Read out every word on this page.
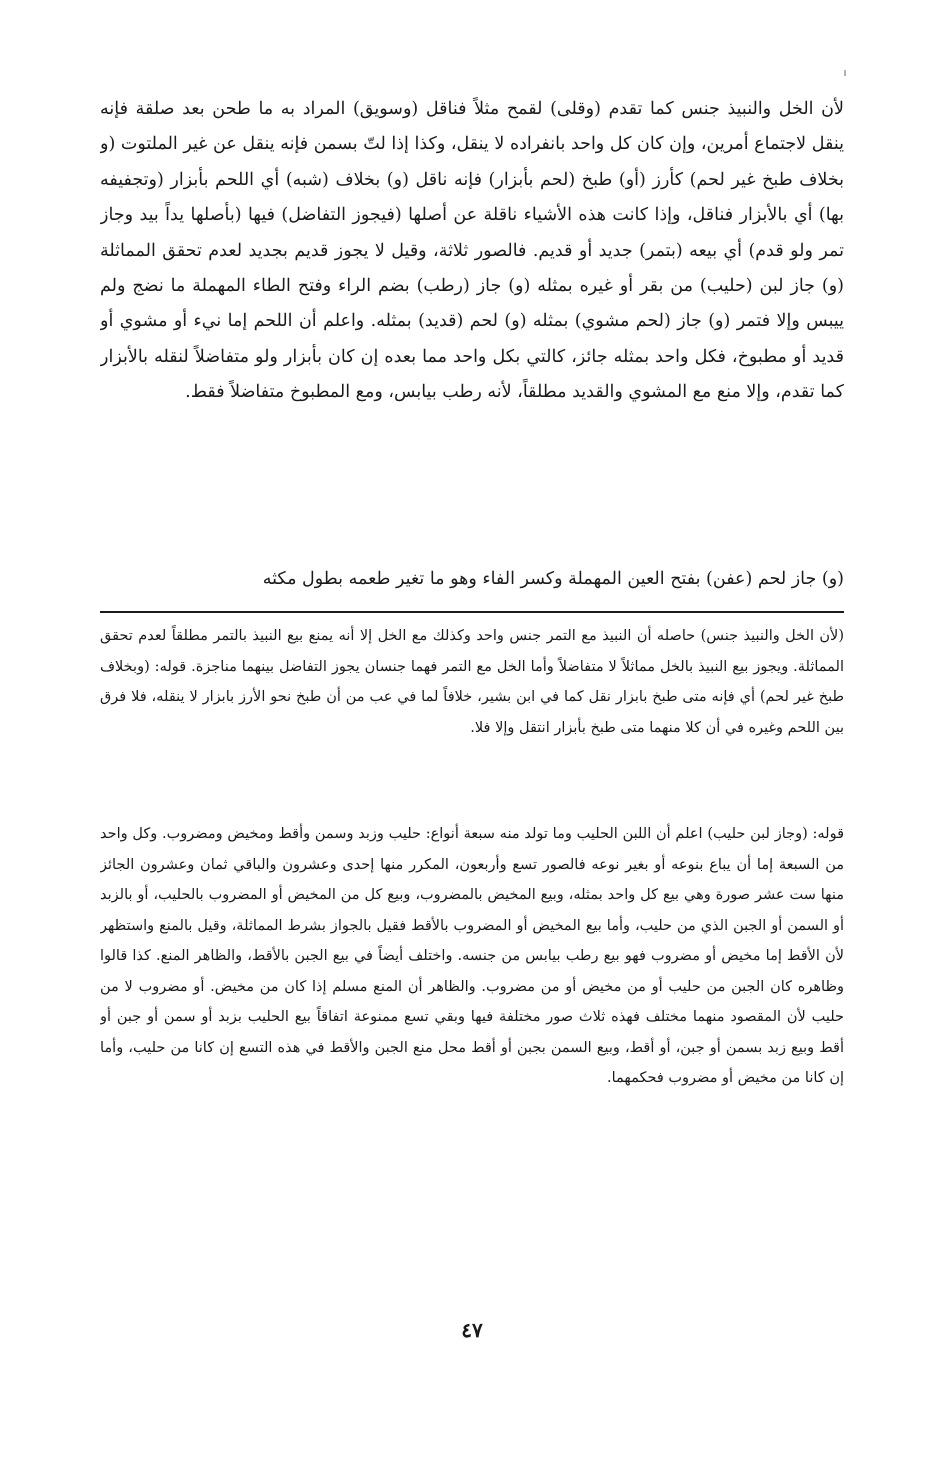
لأن الخل والنبيذ جنس كما تقدم (وقلى) لقمح مثلاً فناقل (وسويق) المراد به ما طحن بعد صلقة فإنه ينقل لاجتماع أمرين، وإن كان كل واحد بانفراده لا ينقل، وكذا إذا لتّ بسمن فإنه ينقل عن غير الملتوت (و بخلاف طبخ غير لحم) كأرز (أو) طبخ (لحم بأبزار) فإنه ناقل (و) بخلاف (شبه) أي اللحم بأبزار (وتجفيفه بها) أي بالأبزار فناقل، وإذا كانت هذه الأشياء ناقلة عن أصلها (فيجوز التفاضل) فيها (بأصلها يداً بيد وجاز تمر ولو قدم) أي بيعه (بتمر) جديد أو قديم. فالصور ثلاثة، وقيل لا يجوز قديم بجديد لعدم تحقق المماثلة (و) جاز لبن (حليب) من بقر أو غيره بمثله (و) جاز (رطب) بضم الراء وفتح الطاء المهملة ما نضج ولم ييبس وإلا فتمر (و) جاز (لحم مشوي) بمثله (و) لحم (قديد) بمثله. واعلم أن اللحم إما نيء أو مشوي أو قديد أو مطبوخ، فكل واحد بمثله جائز، كالتي بكل واحد مما بعده إن كان بأبزار ولو متفاضلاً لنقله بالأبزار كما تقدم، وإلا منع مع المشوي والقديد مطلقاً، لأنه رطب بيابس، ومع المطبوخ متفاضلاً فقط.

(و) جاز لحم (عفن) بفتح العين المهملة وكسر الفاء وهو ما تغير طعمه بطول مكثه

(لأن الخل والنبيذ جنس) حاصله أن النبيذ مع التمر جنس واحد وكذلك مع الخل إلا أنه يمنع بيع النبيذ بالتمر مطلقاً لعدم تحقق المماثلة. ويجوز بيع النبيذ بالخل مماثلاً لا متفاضلاً وأما الخل مع التمر فهما جنسان يجوز التفاضل بينهما مناجزة. قوله: (وبخلاف طبخ غير لحم) أي فإنه متى طبخ بابزار نقل كما في ابن بشير، خلافاً لما في عب من أن طبخ نحو الأرز بابزار لا ينقله، فلا فرق بين اللحم وغيره في أن كلا منهما متى طبخ بأبزار انتقل وإلا فلا.

قوله: (وجاز لبن حليب) اعلم أن اللبن الحليب وما تولد منه سبعة أنواع: حليب وزبد وسمن وأقط ومخيض ومضروب. وكل واحد من السبعة إما أن يباع بنوعه أو بغير نوعه فالصور تسع وأربعون، المكرر منها إحدى وعشرون والباقي ثمان وعشرون الجائز منها ست عشر صورة وهي بيع كل واحد بمثله، وبيع المخيض بالمضروب، وبيع كل من المخيض أو المضروب بالحليب، أو بالزبد أو السمن أو الجبن الذي من حليب، وأما بيع المخيض أو المضروب بالأقط فقيل بالجواز بشرط المماثلة، وقيل بالمنع واستظهر لأن الأقط إما مخيض أو مضروب فهو بيع رطب بيابس من جنسه. واختلف أيضاً في بيع الجبن بالأقط، والظاهر المنع. كذا قالوا وظاهره كان الجبن من حليب أو من مخيض أو من مضروب. والظاهر أن المنع مسلم إذا كان من مخيض. أو مضروب لا من حليب لأن المقصود منهما مختلف فهذه ثلاث صور مختلفة فيها وبقي تسع ممنوعة اتفاقاً بيع الحليب بزبد أو سمن أو جبن أو أقط وبيع زبد بسمن أو جبن، أو أقط، وبيع السمن بجبن أو أقط محل منع الجبن والأقط في هذه التسع إن كانا من حليب، وأما إن كانا من مخيض أو مضروب فحكمهما.

٤٧
